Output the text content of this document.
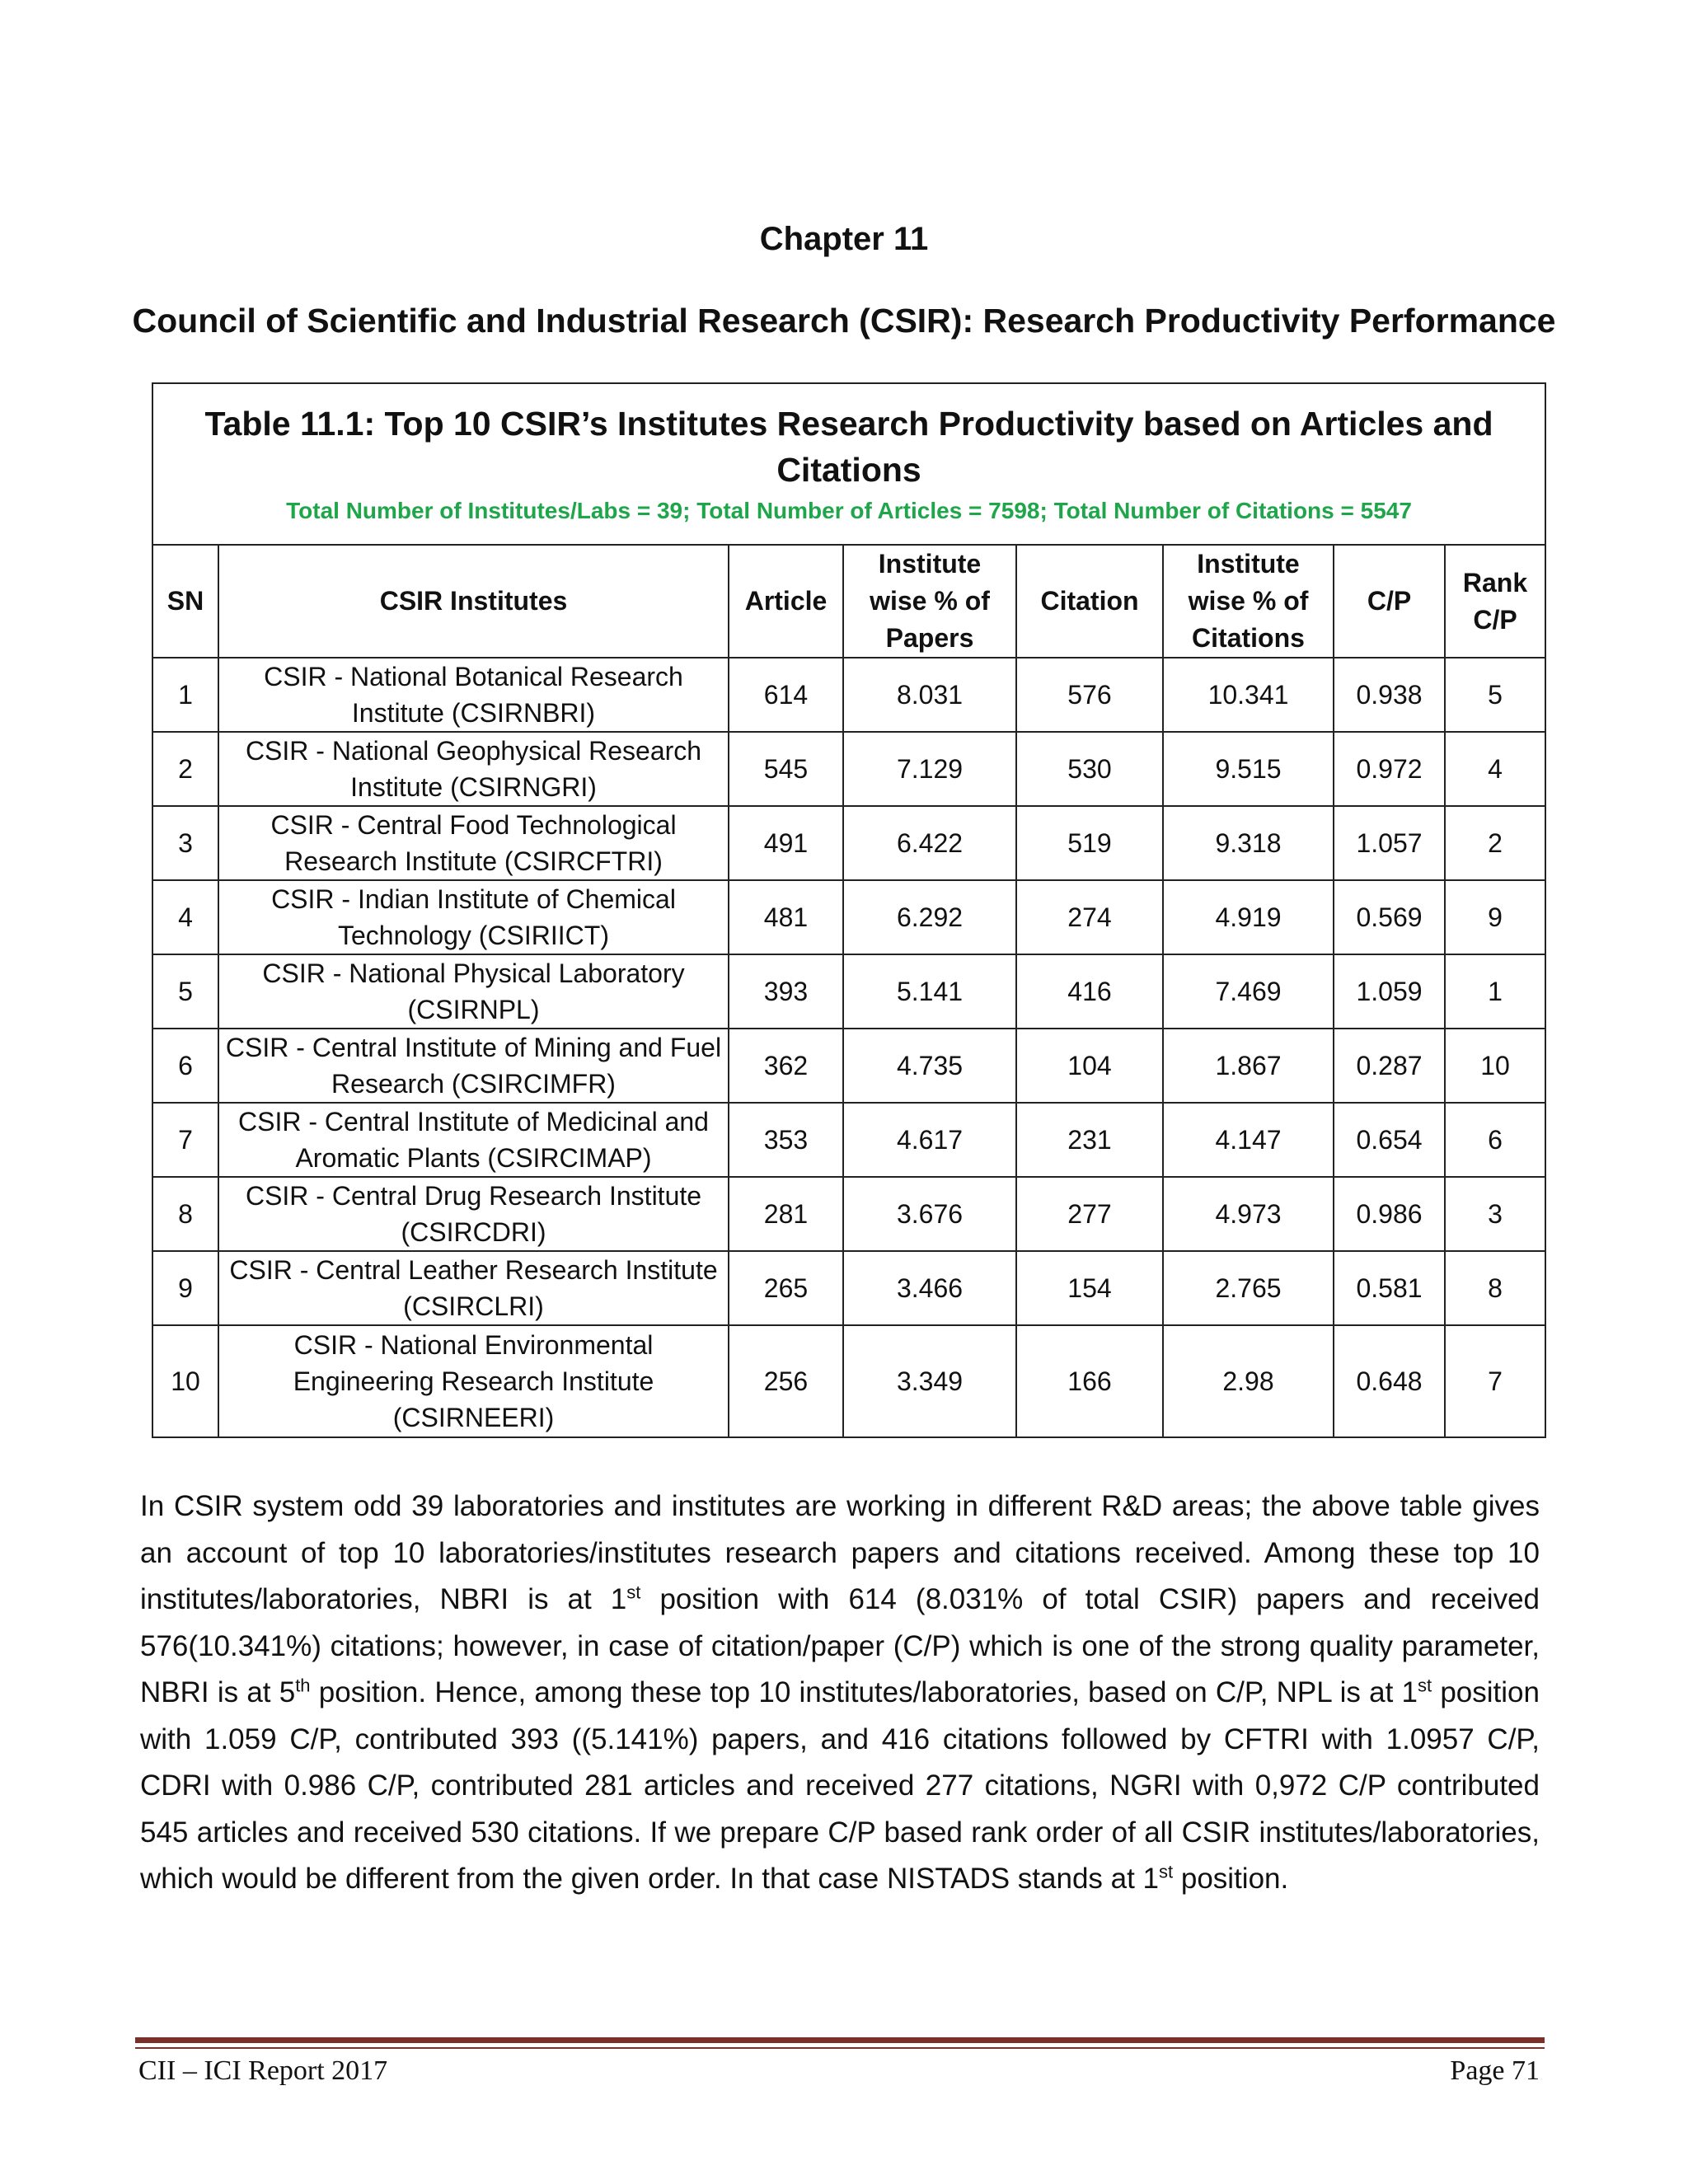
Chapter 11
Council of Scientific and Industrial Research (CSIR): Research Productivity Performance
Table 11.1: Top 10 CSIR’s Institutes Research Productivity based on Articles and Citations
Total Number of Institutes/Labs = 39; Total Number of Articles = 7598; Total Number of Citations = 5547							

SN	CSIR Institutes	Article	Institute wise % of Papers	Citation	Institute wise % of Citations	C/P	Rank C/P
1	CSIR - National Botanical Research Institute (CSIRNBRI)	614	8.031	576	10.341	0.938	5
2	CSIR - National Geophysical Research Institute (CSIRNGRI)	545	7.129	530	9.515	0.972	4
3	CSIR - Central Food Technological Research Institute (CSIRCFTRI)	491	6.422	519	9.318	1.057	2
4	CSIR - Indian Institute of Chemical Technology (CSIRIICT)	481	6.292	274	4.919	0.569	9
5	CSIR - National Physical Laboratory (CSIRNPL)	393	5.141	416	7.469	1.059	1
6	CSIR - Central Institute of Mining and Fuel Research (CSIRCIMFR)	362	4.735	104	1.867	0.287	10
7	CSIR - Central Institute of Medicinal and Aromatic Plants (CSIRCIMAP)	353	4.617	231	4.147	0.654	6
8	CSIR - Central Drug Research Institute (CSIRCDRI)	281	3.676	277	4.973	0.986	3
9	CSIR - Central Leather Research Institute (CSIRCLRI)	265	3.466	154	2.765	0.581	8
10	CSIR - National Environmental Engineering Research Institute (CSIRNEERI)	256	3.349	166	2.98	0.648	7
In CSIR system odd 39 laboratories and institutes are working in different R&D areas; the above table gives an account of top 10 laboratories/institutes research papers and citations received. Among these top 10 institutes/laboratories, NBRI is at 1st position with 614 (8.031% of total CSIR) papers and received 576(10.341%) citations; however, in case of citation/paper (C/P) which is one of the strong quality parameter, NBRI is at 5th position. Hence, among these top 10 institutes/laboratories, based on C/P, NPL is at 1st position with 1.059 C/P, contributed 393 ((5.141%) papers, and 416 citations followed by CFTRI with 1.0957 C/P, CDRI with 0.986 C/P, contributed 281 articles and received 277 citations, NGRI with 0,972 C/P contributed 545 articles and received 530 citations. If we prepare C/P based rank order of all CSIR institutes/laboratories, which would be different from the given order. In that case NISTADS stands at 1st position.
CII – ICI Report 2017	Page 71
